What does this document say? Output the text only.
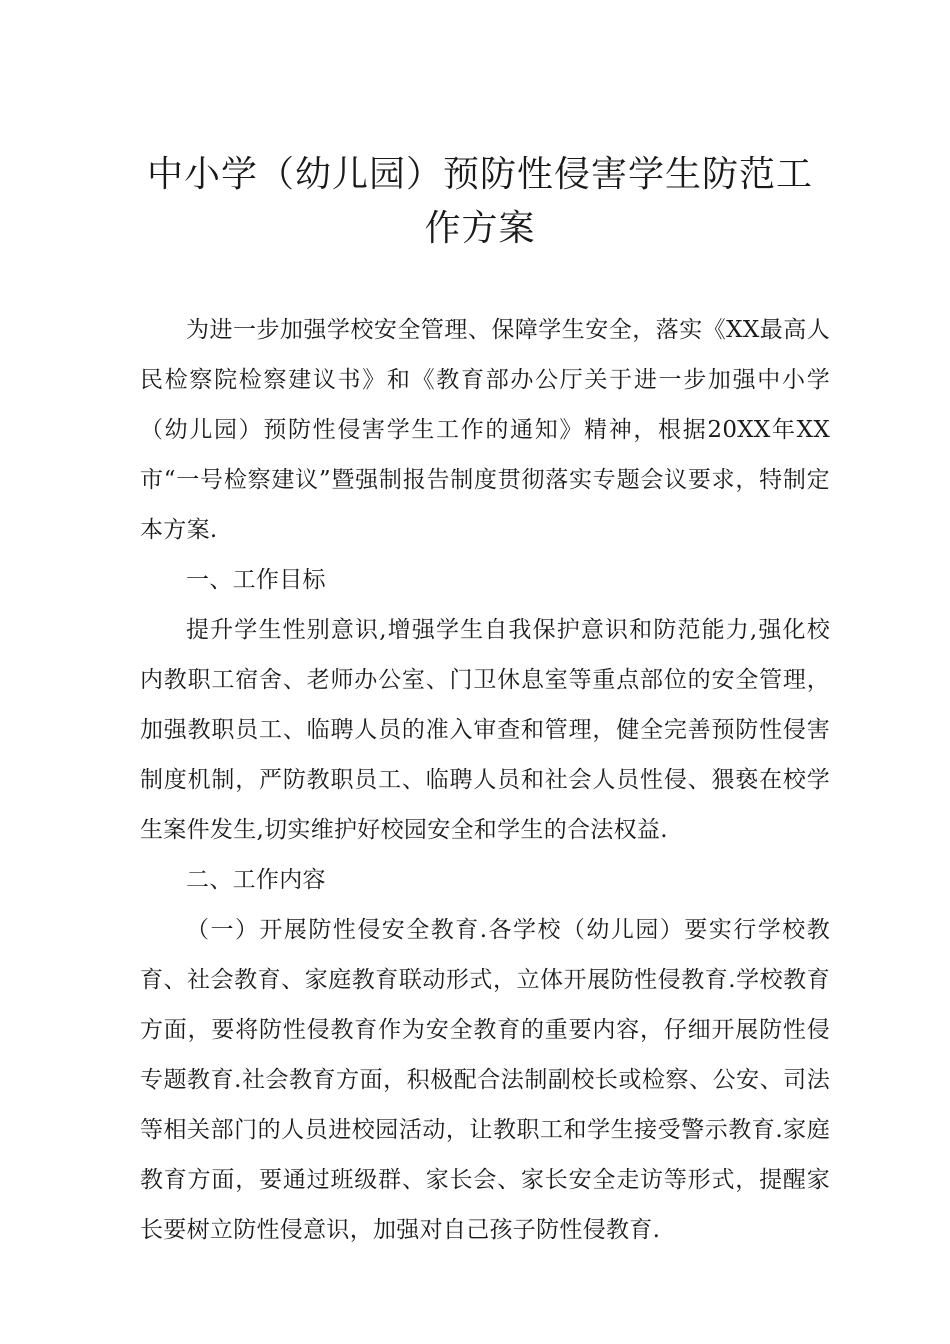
中小学（幼儿园）预防性侵害学生防范工作方案

为进一步加强学校安全管理、保障学生安全，落实《XX最高人民检察院检察建议书》和《教育部办公厅关于进一步加强中小学（幼儿园）预防性侵害学生工作的通知》精神，根据20XX年XX市“一号检察建议”暨强制报告制度贯彻落实专题会议要求，特制定本方案.

一、工作目标

提升学生性别意识,增强学生自我保护意识和防范能力,强化校内教职工宿舍、老师办公室、门卫休息室等重点部位的安全管理，加强教职员工、临聘人员的准入审查和管理，健全完善预防性侵害制度机制，严防教职员工、临聘人员和社会人员性侵、猥亵在校学生案件发生,切实维护好校园安全和学生的合法权益.

二、工作内容

（一）开展防性侵安全教育.各学校（幼儿园）要实行学校教育、社会教育、家庭教育联动形式，立体开展防性侵教育.学校教育方面，要将防性侵教育作为安全教育的重要内容，仔细开展防性侵专题教育.社会教育方面，积极配合法制副校长或检察、公安、司法等相关部门的人员进校园活动，让教职工和学生接受警示教育.家庭教育方面，要通过班级群、家长会、家长安全走访等形式，提醒家长要树立防性侵意识，加强对自己孩子防性侵教育.
